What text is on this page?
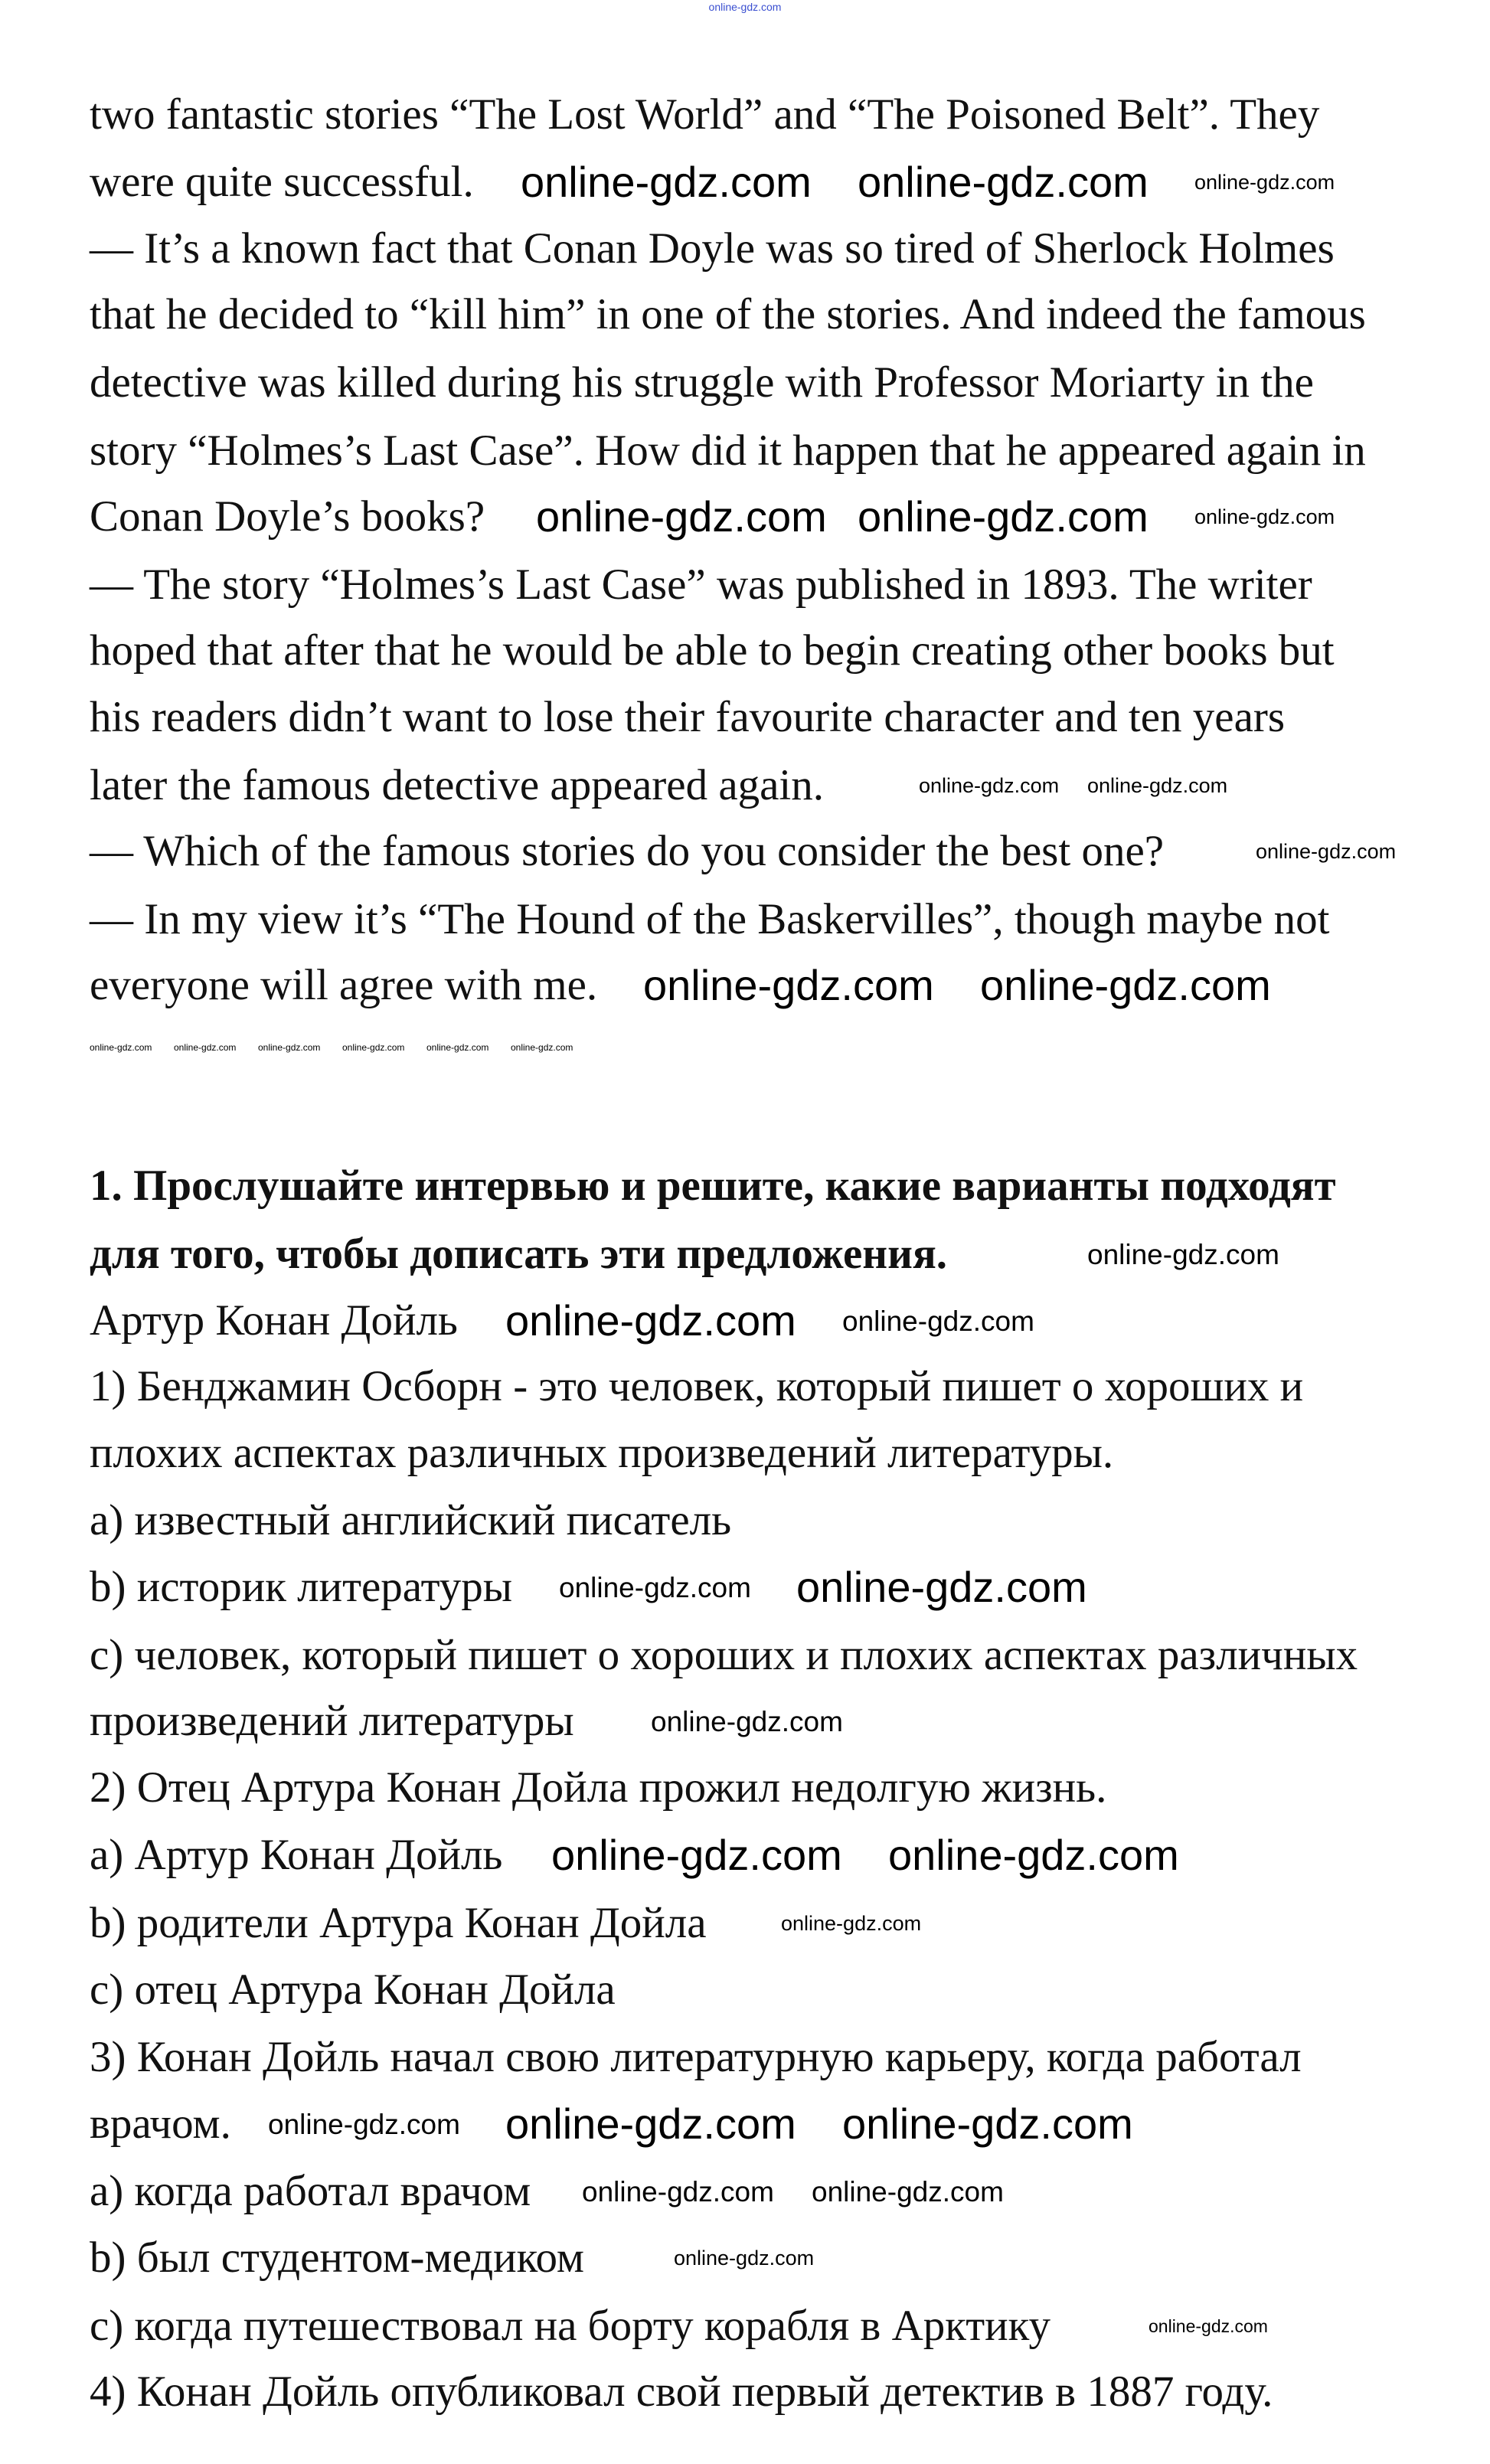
online-gdz.com
two fantastic stories “The Lost World” and “The Poisoned Belt”. They
were quite successful.
— It’s a known fact that Conan Doyle was so tired of Sherlock Holmes
that he decided to “kill him” in one of the stories. And indeed the famous
detective was killed during his struggle with Professor Moriarty in the
story “Holmes’s Last Case”. How did it happen that he appeared again in
Conan Doyle’s books?
— The story “Holmes’s Last Case” was published in 1893. The writer
hoped that after that he would be able to begin creating other books but
his readers didn’t want to lose their favourite character and ten years
later the famous detective appeared again.
— Which of the famous stories do you consider the best one?
— In my view it’s “The Hound of the Baskervilles”, though maybe not
everyone will agree with me.
1. Прослушайте интервью и решите, какие варианты подходят
для того, чтобы дописать эти предложения.
Артур Конан Дойль
1) Бенджамин Осборн - это человек, который пишет о хороших и
плохих аспектах различных произведений литературы.
a) известный английский писатель
b) историк литературы
c) человек, который пишет о хороших и плохих аспектах различных
произведений литературы
2) Отец Артура Конан Дойла прожил недолгую жизнь.
a) Артур Конан Дойль
b) родители Артура Конан Дойла
c) отец Артура Конан Дойла
3) Конан Дойль начал свою литературную карьеру, когда работал
врачом.
a) когда работал врачом
b) был студентом-медиком
c) когда путешествовал на борту корабля в Арктику
4) Конан Дойль опубликовал свой первый детектив в 1887 году.
online-gdz.com online-gdz.com online-gdz.com
online-gdz.com online-gdz.com online-gdz.com
online-gdz.com online-gdz.com
online-gdz.com
online-gdz.com online-gdz.com
online-gdz.com
online-gdz.com online-gdz.com
online-gdz.com online-gdz.com
online-gdz.com
online-gdz.com online-gdz.com
online-gdz.com
online-gdz.com online-gdz.com online-gdz.com
online-gdz.com online-gdz.com
online-gdz.com
online-gdz.com
online-gdz.com online-gdz.com online-gdz.com online-gdz.com online-gdz.com online-gdz.com
